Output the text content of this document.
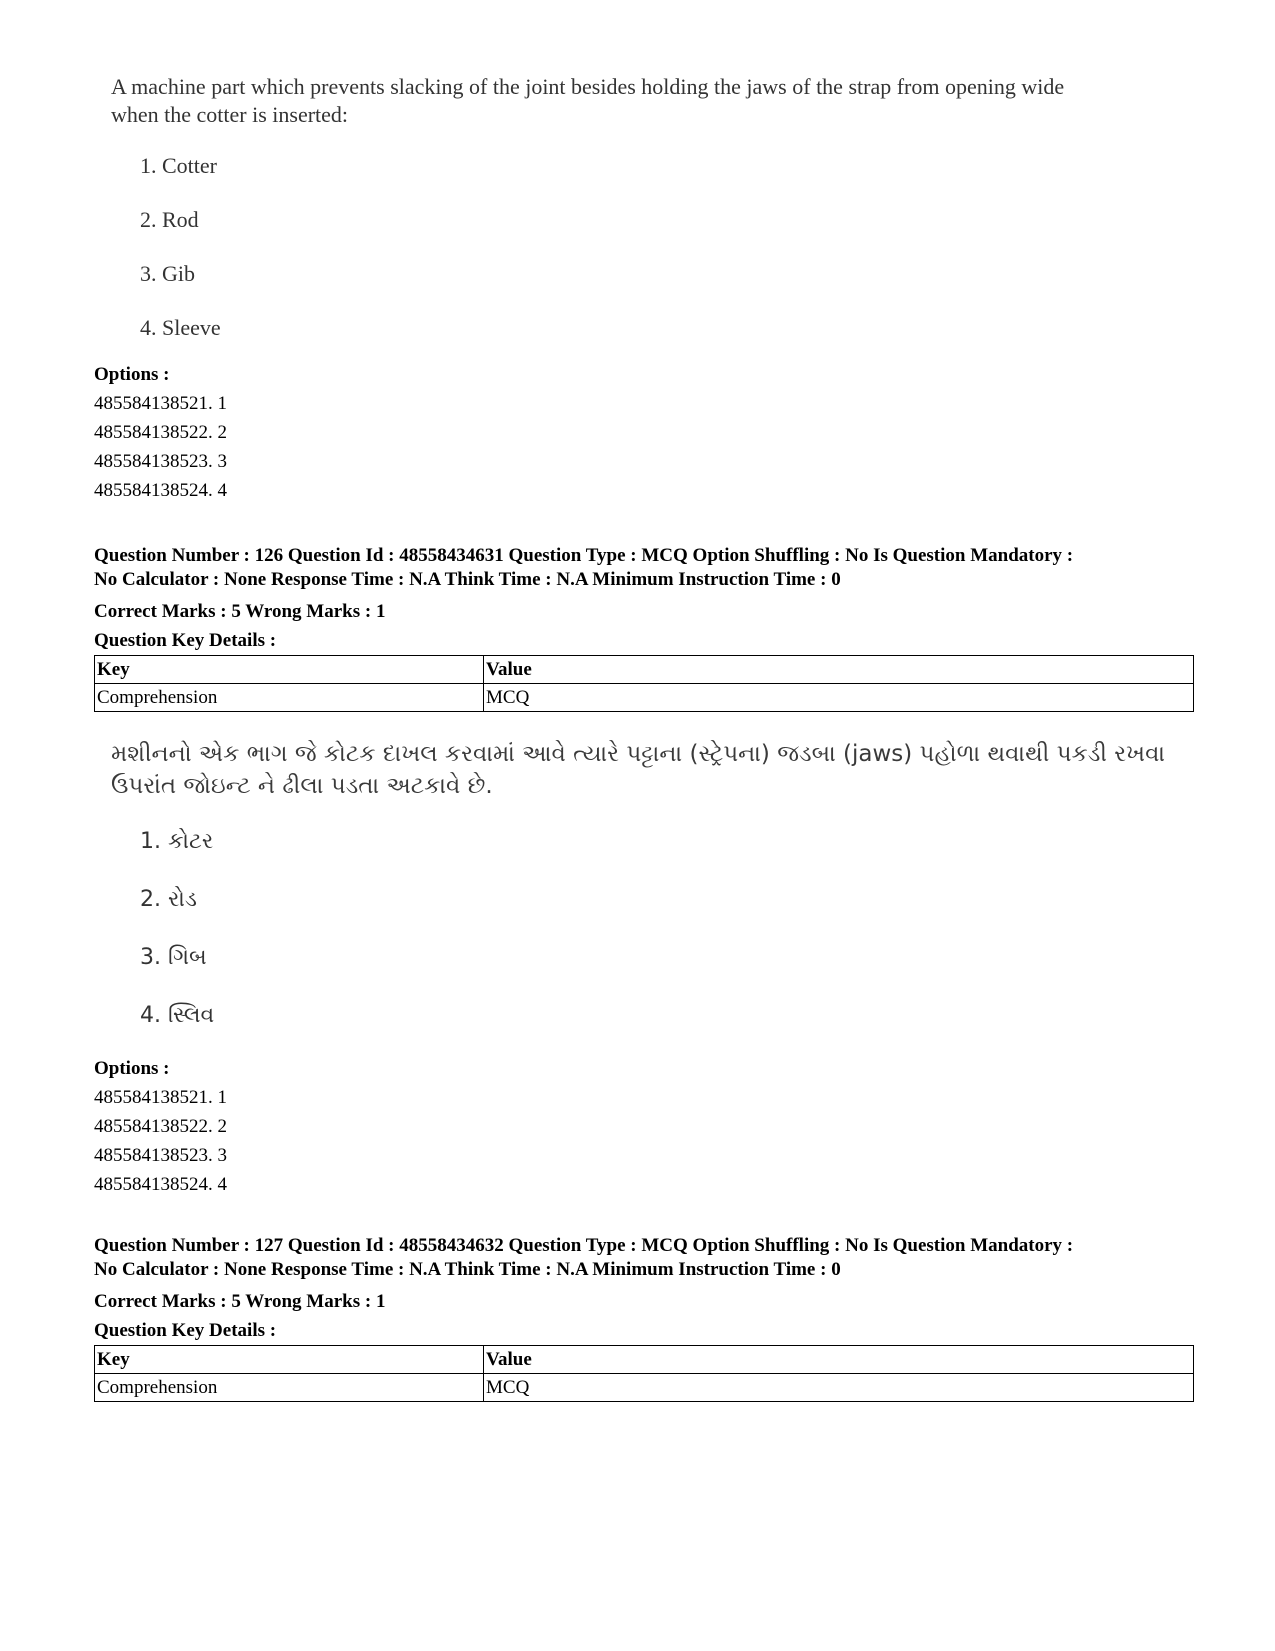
A machine part which prevents slacking of the joint besides holding the jaws of the strap from opening wide

when the cotter is inserted:

1. Cotter
2. Rod
3. Gib
4. Sleeve
Options :
485584138521. 1
485584138522. 2
485584138523. 3
485584138524. 4
Question Number : 126 Question Id : 48558434631 Question Type : MCQ Option Shuffling : No Is Question Mandatory :
No Calculator : None Response Time : N.A Think Time : N.A Minimum Instruction Time : 0
Correct Marks : 5 Wrong Marks : 1
Question Key Details :
Key	Value
Comprehension	MCQ

મશીનનો એક ભાગ જે કોટક દાખલ કરવામાં આવે ત્યારે પટ્ટાના (સ્ટ્રેપના) જડબા (jaws) પહોળા થવાથી પકડી રખવા

ઉપરાંત જોઇન્ટ ને ઢીલા પડતા અટકાવે છે.

1. કોટર
2. રોડ
3. ગિબ
4. સ્લિવ
Options :
485584138521. 1
485584138522. 2
485584138523. 3
485584138524. 4
Question Number : 127 Question Id : 48558434632 Question Type : MCQ Option Shuffling : No Is Question Mandatory :
No Calculator : None Response Time : N.A Think Time : N.A Minimum Instruction Time : 0
Correct Marks : 5 Wrong Marks : 1
Question Key Details :
Key	Value
Comprehension	MCQ
